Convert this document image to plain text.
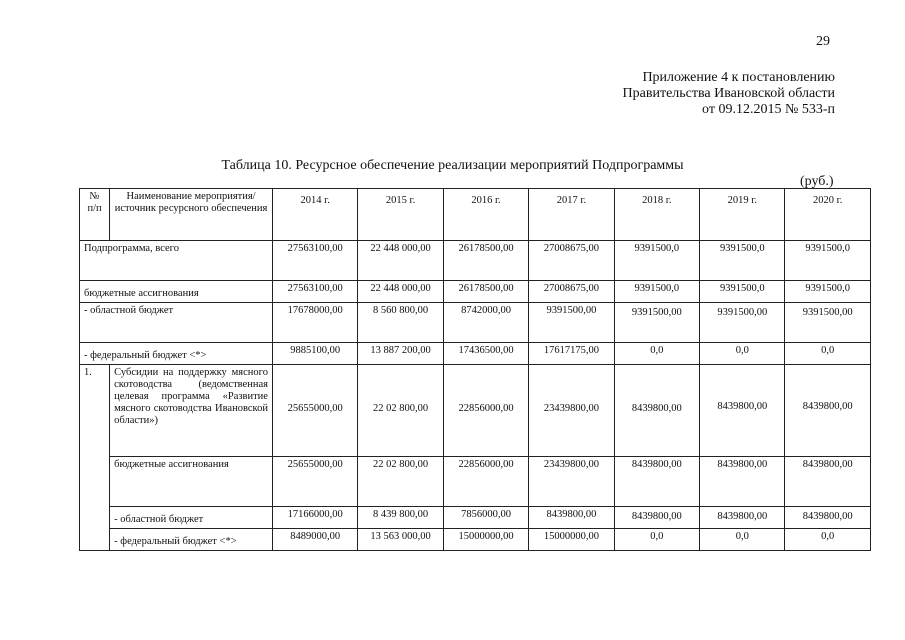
29
Приложение 4 к постановлению
Правительства Ивановской области
от 09.12.2015 № 533-п
Таблица 10. Ресурсное обеспечение реализации мероприятий Подпрограммы
(руб.)
№ п/п	Наименование мероприятия/источник ресурсного обеспечения	2014 г.	2015 г.	2016 г.	2017 г.	2018 г.	2019 г.	2020 г.
Подпрограмма, всего		27563100,00	22 448 000,00	26178500,00	27008675,00	9391500,0	9391500,0	9391500,0
бюджетные ассигнования		27563100,00	22 448 000,00	26178500,00	27008675,00	9391500,0	9391500,0	9391500,0
- областной бюджет		17678000,00	8 560 800,00	8742000,00	9391500,00	9391500,00	9391500,00	9391500,00
- федеральный бюджет <*>		9885100,00	13 887 200,00	17436500,00	17617175,00	0,0	0,0	0,0
1.	Субсидии на поддержку мясного скотоводства (ведомственная целевая программа «Развитие мясного скотоводства Ивановской области»)	25655000,00	22 02 800,00	22856000,00	23439800,00	8439800,00	8439800,00	8439800,00
	бюджетные ассигнования	25655000,00	22 02 800,00	22856000,00	23439800,00	8439800,00	8439800,00	8439800,00
	- областной бюджет	17166000,00	8 439 800,00	7856000,00	8439800,00	8439800,00	8439800,00	8439800,00
	- федеральный бюджет <*>	8489000,00	13 563 000,00	15000000,00	15000000,00	0,0	0,0	0,0
